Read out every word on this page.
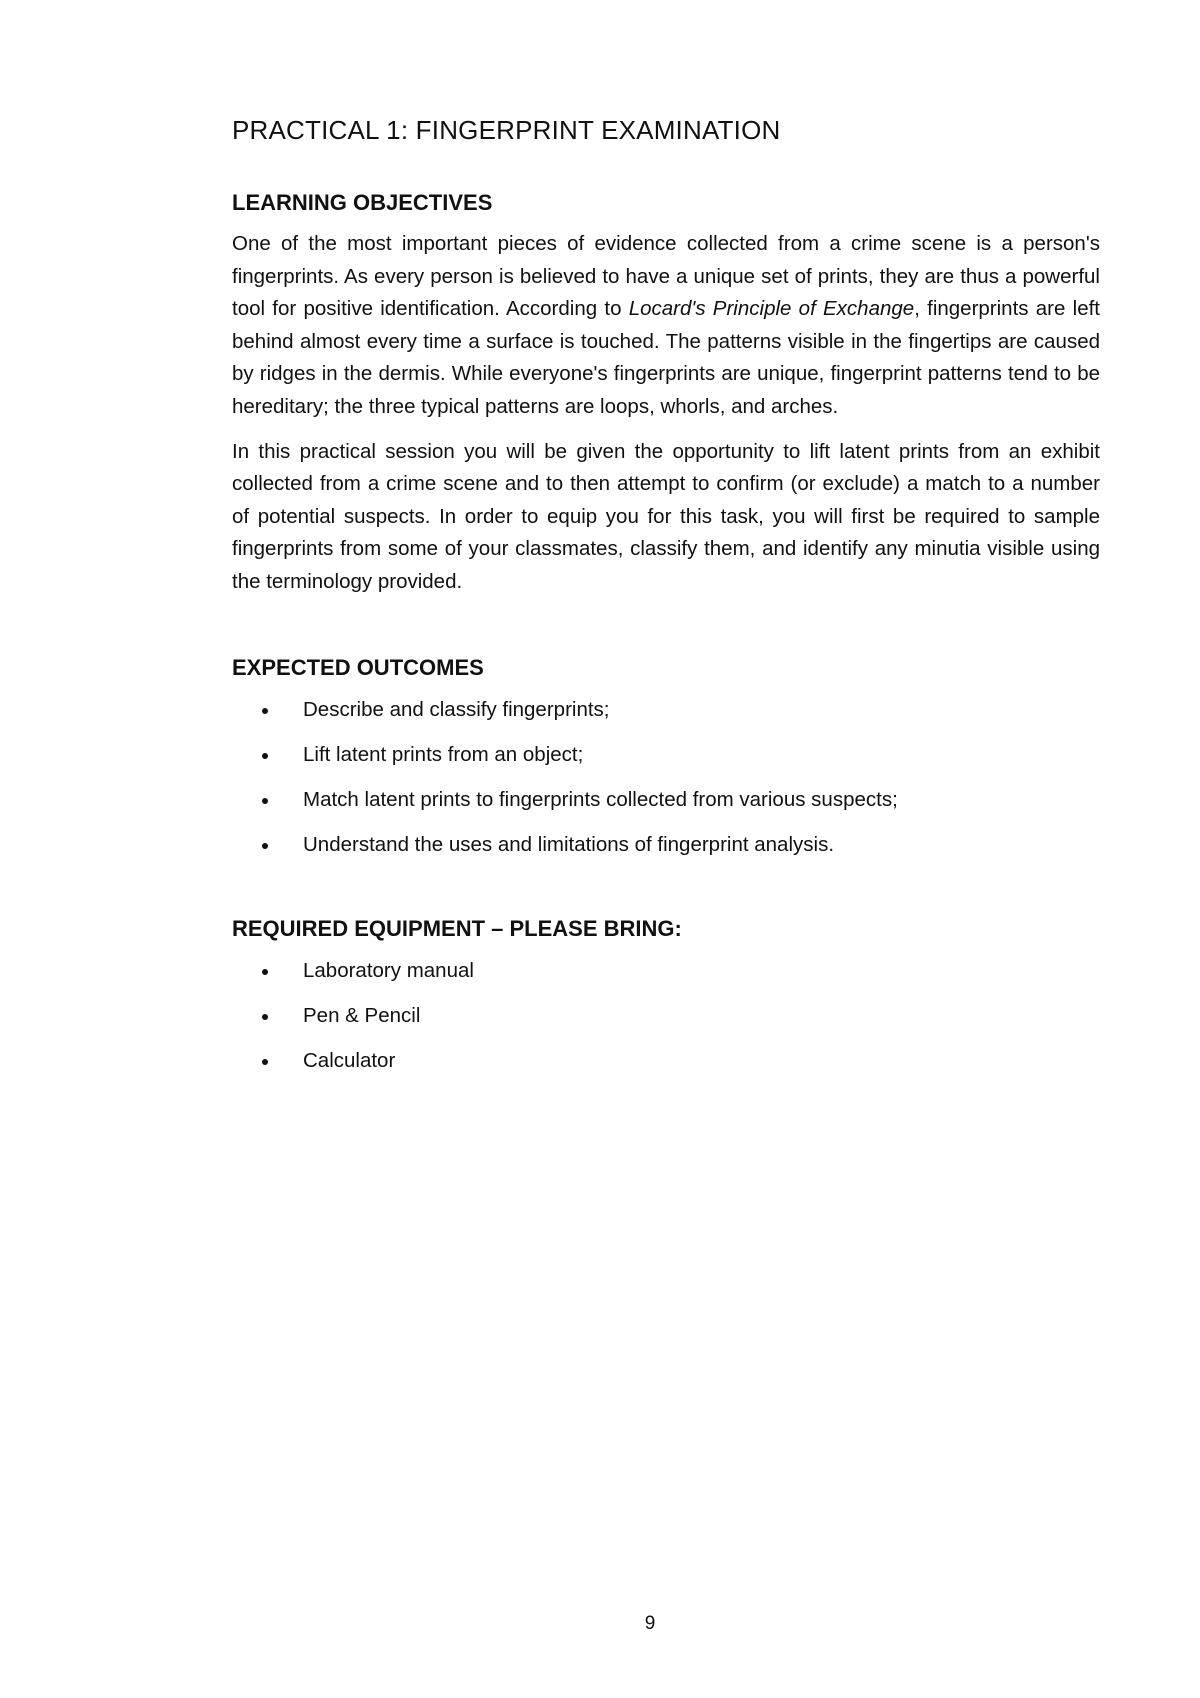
PRACTICAL 1: FINGERPRINT EXAMINATION
LEARNING OBJECTIVES

One of the most important pieces of evidence collected from a crime scene is a person's fingerprints. As every person is believed to have a unique set of prints, they are thus a powerful tool for positive identification. According to Locard's Principle of Exchange, fingerprints are left behind almost every time a surface is touched. The patterns visible in the fingertips are caused by ridges in the dermis. While everyone's fingerprints are unique, fingerprint patterns tend to be hereditary; the three typical patterns are loops, whorls, and arches.

In this practical session you will be given the opportunity to lift latent prints from an exhibit collected from a crime scene and to then attempt to confirm (or exclude) a match to a number of potential suspects. In order to equip you for this task, you will first be required to sample fingerprints from some of your classmates, classify them, and identify any minutia visible using the terminology provided.

EXPECTED OUTCOMES
Describe and classify fingerprints;
Lift latent prints from an object;
Match latent prints to fingerprints collected from various suspects;
Understand the uses and limitations of fingerprint analysis.
REQUIRED EQUIPMENT – PLEASE BRING:
Laboratory manual
Pen & Pencil
Calculator
9
